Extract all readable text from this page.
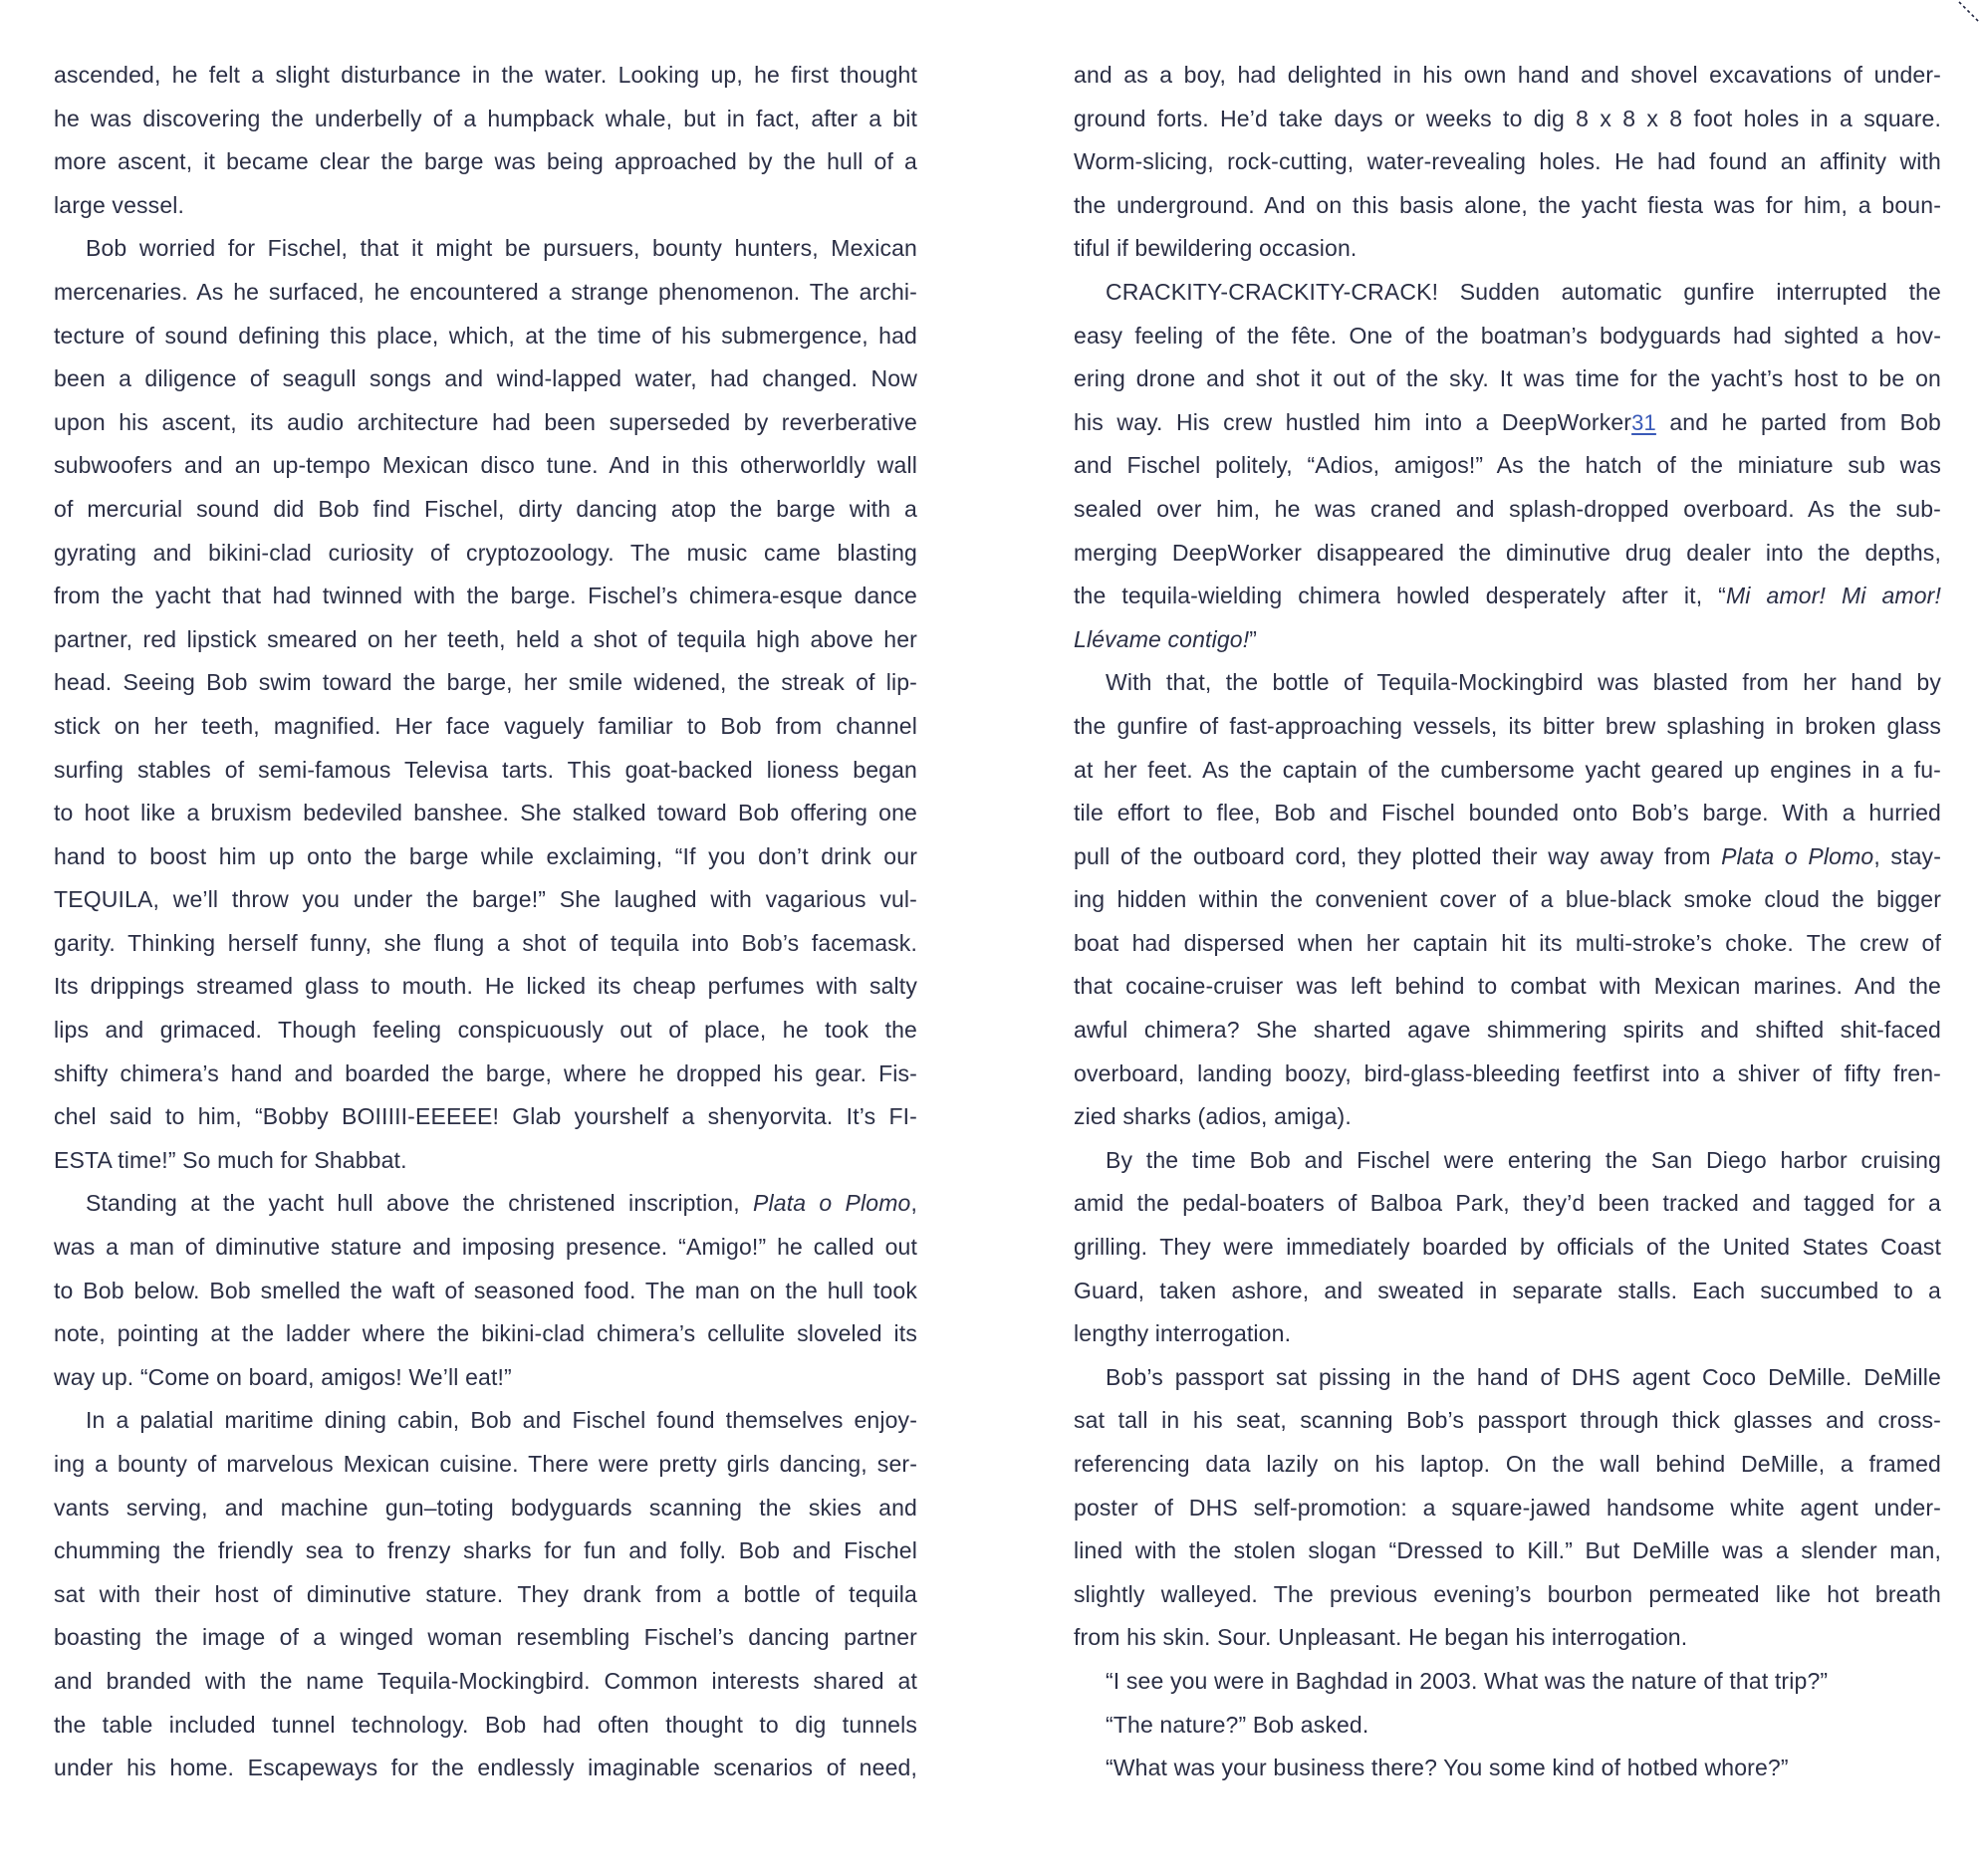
ascended, he felt a slight disturbance in the water. Looking up, he first thought
he was discovering the underbelly of a humpback whale, but in fact, after a bit
more ascent, it became clear the barge was being approached by the hull of a
large vessel.
Bob worried for Fischel, that it might be pursuers, bounty hunters, Mexican
mercenaries. As he surfaced, he encountered a strange phenomenon. The archi-
tecture of sound defining this place, which, at the time of his submergence, had
been a diligence of seagull songs and wind-lapped water, had changed. Now
upon his ascent, its audio architecture had been superseded by reverberative
subwoofers and an up-tempo Mexican disco tune. And in this otherworldly wall
of mercurial sound did Bob find Fischel, dirty dancing atop the barge with a
gyrating and bikini-clad curiosity of cryptozoology. The music came blasting
from the yacht that had twinned with the barge. Fischel’s chimera-esque dance
partner, red lipstick smeared on her teeth, held a shot of tequila high above her
head. Seeing Bob swim toward the barge, her smile widened, the streak of lip-
stick on her teeth, magnified. Her face vaguely familiar to Bob from channel
surfing stables of semi-famous Televisa tarts. This goat-backed lioness began
to hoot like a bruxism bedeviled banshee. She stalked toward Bob offering one
hand to boost him up onto the barge while exclaiming, “If you don’t drink our
TEQUILA, we’ll throw you under the barge!” She laughed with vagarious vul-
garity. Thinking herself funny, she flung a shot of tequila into Bob’s facemask.
Its drippings streamed glass to mouth. He licked its cheap perfumes with salty
lips and grimaced. Though feeling conspicuously out of place, he took the
shifty chimera’s hand and boarded the barge, where he dropped his gear. Fis-
chel said to him, “Bobby BOIIIII-EEEEE! Glab yourshelf a shenyorvita. It’s FI-
ESTA time!” So much for Shabbat.
Standing at the yacht hull above the christened inscription, Plata o Plomo,
was a man of diminutive stature and imposing presence. “Amigo!” he called out
to Bob below. Bob smelled the waft of seasoned food. The man on the hull took
note, pointing at the ladder where the bikini-clad chimera’s cellulite sloveled its
way up. “Come on board, amigos! We’ll eat!”
In a palatial maritime dining cabin, Bob and Fischel found themselves enjoy-
ing a bounty of marvelous Mexican cuisine. There were pretty girls dancing, ser-
vants serving, and machine gun–toting bodyguards scanning the skies and
chumming the friendly sea to frenzy sharks for fun and folly. Bob and Fischel
sat with their host of diminutive stature. They drank from a bottle of tequila
boasting the image of a winged woman resembling Fischel’s dancing partner
and branded with the name Tequila-Mockingbird. Common interests shared at
the table included tunnel technology. Bob had often thought to dig tunnels
under his home. Escapeways for the endlessly imaginable scenarios of need,
and as a boy, had delighted in his own hand and shovel excavations of under-
ground forts. He’d take days or weeks to dig 8 x 8 x 8 foot holes in a square.
Worm-slicing, rock-cutting, water-revealing holes. He had found an affinity with
the underground. And on this basis alone, the yacht fiesta was for him, a boun-
tiful if bewildering occasion.
CRACKITY-CRACKITY-CRACK! Sudden automatic gunfire interrupted the
easy feeling of the fête. One of the boatman’s bodyguards had sighted a hov-
ering drone and shot it out of the sky. It was time for the yacht’s host to be on
his way. His crew hustled him into a DeepWorker31 and he parted from Bob
and Fischel politely, “Adios, amigos!” As the hatch of the miniature sub was
sealed over him, he was craned and splash-dropped overboard. As the sub-
merging DeepWorker disappeared the diminutive drug dealer into the depths,
the tequila-wielding chimera howled desperately after it, “Mi amor! Mi amor!
Llévame contigo!”
With that, the bottle of Tequila-Mockingbird was blasted from her hand by
the gunfire of fast-approaching vessels, its bitter brew splashing in broken glass
at her feet. As the captain of the cumbersome yacht geared up engines in a fu-
tile effort to flee, Bob and Fischel bounded onto Bob’s barge. With a hurried
pull of the outboard cord, they plotted their way away from Plata o Plomo, stay-
ing hidden within the convenient cover of a blue-black smoke cloud the bigger
boat had dispersed when her captain hit its multi-stroke’s choke. The crew of
that cocaine-cruiser was left behind to combat with Mexican marines. And the
awful chimera? She sharted agave shimmering spirits and shifted shit-faced
overboard, landing boozy, bird-glass-bleeding feetfirst into a shiver of fifty fren-
zied sharks (adios, amiga).
By the time Bob and Fischel were entering the San Diego harbor cruising
amid the pedal-boaters of Balboa Park, they’d been tracked and tagged for a
grilling. They were immediately boarded by officials of the United States Coast
Guard, taken ashore, and sweated in separate stalls. Each succumbed to a
lengthy interrogation.
Bob’s passport sat pissing in the hand of DHS agent Coco DeMille. DeMille
sat tall in his seat, scanning Bob’s passport through thick glasses and cross-
referencing data lazily on his laptop. On the wall behind DeMille, a framed
poster of DHS self-promotion: a square-jawed handsome white agent under-
lined with the stolen slogan “Dressed to Kill.” But DeMille was a slender man,
slightly walleyed. The previous evening’s bourbon permeated like hot breath
from his skin. Sour. Unpleasant. He began his interrogation.
“I see you were in Baghdad in 2003. What was the nature of that trip?”
“The nature?” Bob asked.
“What was your business there? You some kind of hotbed whore?”
